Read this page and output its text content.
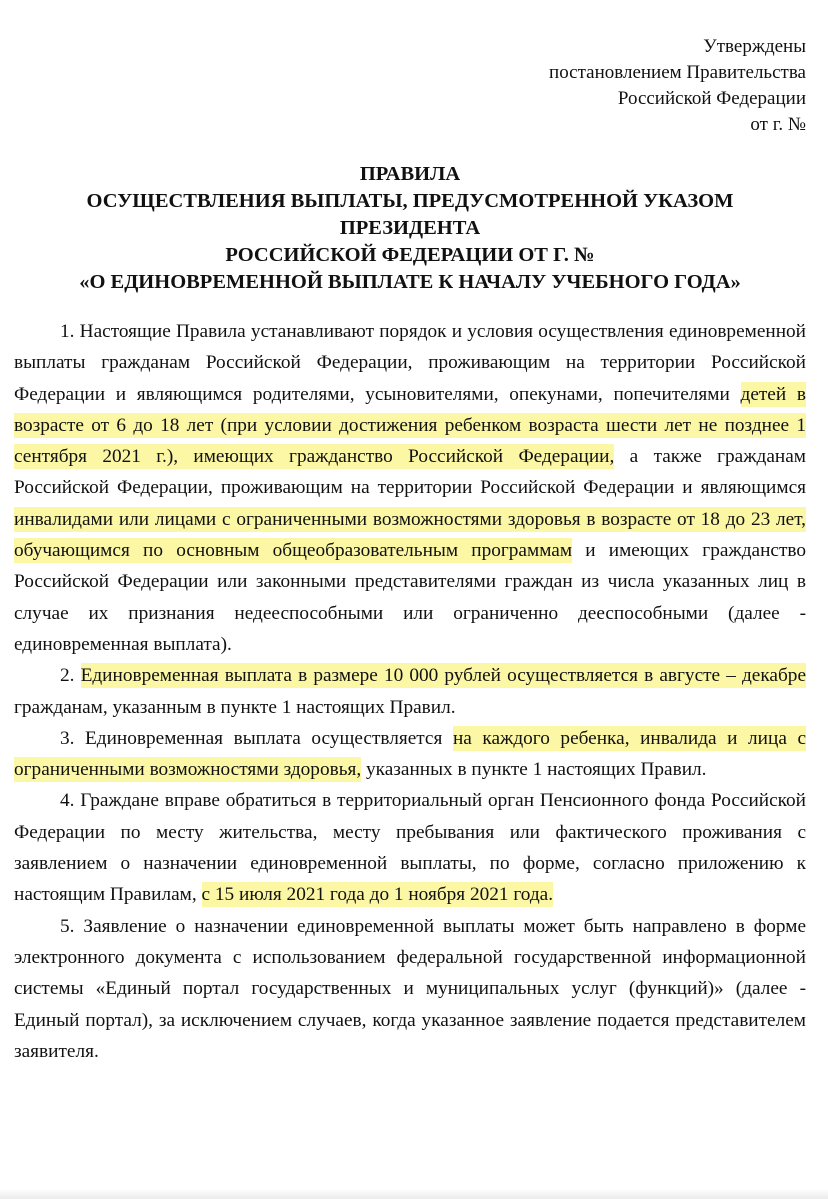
Утверждены
постановлением Правительства
Российской Федерации
от г. №
ПРАВИЛА
ОСУЩЕСТВЛЕНИЯ ВЫПЛАТЫ, ПРЕДУСМОТРЕННОЙ УКАЗОМ
ПРЕЗИДЕНТА
РОССИЙСКОЙ ФЕДЕРАЦИИ ОТ Г. №
«О ЕДИНОВРЕМЕННОЙ ВЫПЛАТЕ К НАЧАЛУ УЧЕБНОГО ГОДА»

1. Настоящие Правила устанавливают порядок и условия осуществления единовременной выплаты гражданам Российской Федерации, проживающим на территории Российской Федерации и являющимся родителями, усыновителями, опекунами, попечителями детей в возрасте от 6 до 18 лет (при условии достижения ребенком возраста шести лет не позднее 1 сентября 2021 г.), имеющих гражданство Российской Федерации, а также гражданам Российской Федерации, проживающим на территории Российской Федерации и являющимся инвалидами или лицами с ограниченными возможностями здоровья в возрасте от 18 до 23 лет, обучающимся по основным общеобразовательным программам и имеющих гражданство Российской Федерации или законными представителями граждан из числа указанных лиц в случае их признания недееспособными или ограниченно дееспособными (далее - единовременная выплата).

2. Единовременная выплата в размере 10 000 рублей осуществляется в августе – декабре гражданам, указанным в пункте 1 настоящих Правил.

3. Единовременная выплата осуществляется на каждого ребенка, инвалида и лица с ограниченными возможностями здоровья, указанных в пункте 1 настоящих Правил.

4. Граждане вправе обратиться в территориальный орган Пенсионного фонда Российской Федерации по месту жительства, месту пребывания или фактического проживания с заявлением о назначении единовременной выплаты, по форме, согласно приложению к настоящим Правилам, с 15 июля 2021 года до 1 ноября 2021 года.

5. Заявление о назначении единовременной выплаты может быть направлено в форме электронного документа с использованием федеральной государственной информационной системы «Единый портал государственных и муниципальных услуг (функций)» (далее - Единый портал), за исключением случаев, когда указанное заявление подается представителем заявителя.
